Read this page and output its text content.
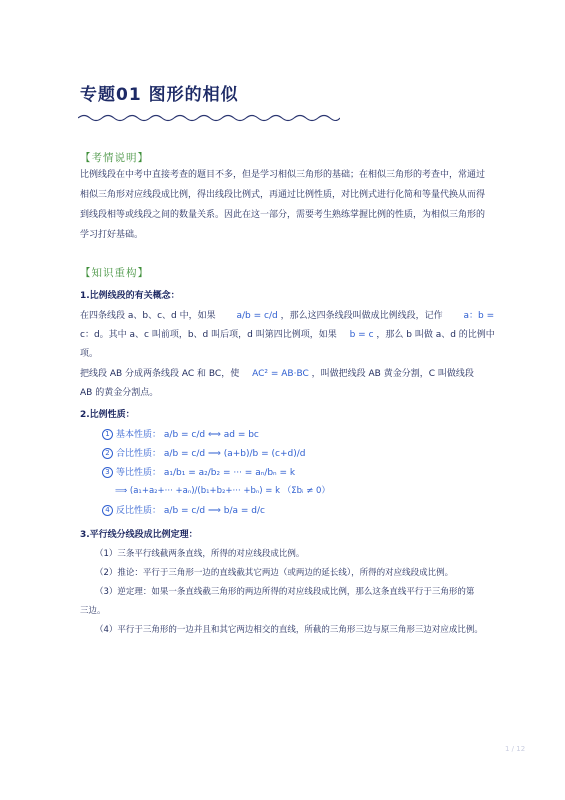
专题01 图形的相似
【考情说明】
比例线段在中考中直接考查的题目不多，但是学习相似三角形的基础；在相似三角形的考查中，常通过相似三角形对应线段成比例，得出线段比例式，再通过比例性质，对比例式进行化简和等量代换从而得到线段相等或线段之间的数量关系。因此在这一部分，需要考生熟练掌握比例的性质，为相似三角形的学习打好基础。
【知识重构】
1.比例线段的有关概念：
在四条线段 a、b、c、d 中，如果 a/b = c/d ，那么这四条线段叫做成比例线段，记作 a：b =
c：d。其中 a、c 叫前项，b、d 叫后项，d 叫第四比例项，如果 b = c ，那么 b 叫做 a、d 的比例中
项。
把线段 AB 分成两条线段 AC 和 BC，使 AC² = AB·BC ，叫做把线段 AB 黄金分割，C 叫做线段
AB 的黄金分割点。
2.比例性质：
1 基本性质： a/b = c/d ⟺ ad = bc
2 合比性质： a/b = c/d ⟹ (a+b)/b = (c+d)/d
3 等比性质： a₁/b₁ = a₂/b₂ = ··· = aₙ/bₙ = k
⟹ (a₁+a₂+··· +aₙ)/(b₁+b₂+··· +bₙ) = k （Σbᵢ ≠ 0）
4 反比性质： a/b = c/d ⟹ b/a = d/c
3.平行线分线段成比例定理：
（1）三条平行线截两条直线，所得的对应线段成比例。
（2）推论：平行于三角形一边的直线截其它两边（或两边的延长线），所得的对应线段成比例。
（3）逆定理：如果一条直线截三角形的两边所得的对应线段成比例，那么这条直线平行于三角形的第
三边。
（4）平行于三角形的一边并且和其它两边相交的直线，所截的三角形三边与原三角形三边对应成比例。
1 / 12
